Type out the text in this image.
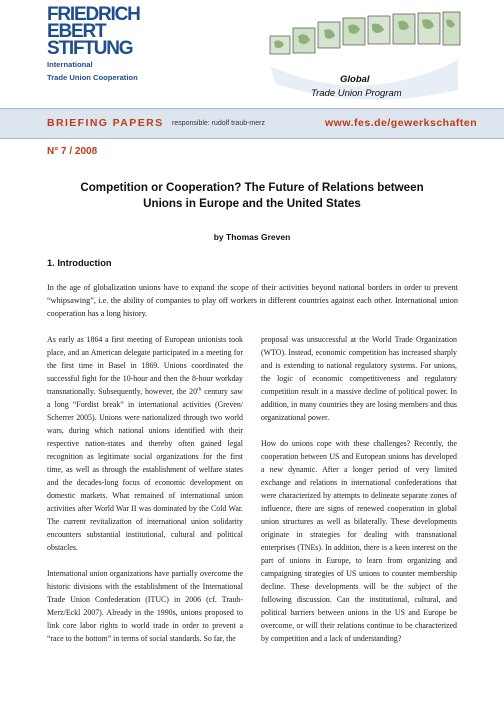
FRIEDRICH
EBERT
STIFTUNG
International
Trade Union Cooperation	Global
Trade Union Program
BRIEFING PAPERS responsible: rudolf traub-merz	www.fes.de/gewerkschaften
N° 7 / 2008
Competition or Cooperation? The Future of Relations between
Unions in Europe and the United States
by Thomas Greven
1. Introduction

In the age of globalization unions have to expand the scope of their activities beyond national borders in order to prevent “whipsawing”, i.e. the ability of companies to play off workers in different countries against each other. International union cooperation has a long history.

As early as 1864 a first meeting of European unionists took place, and an American delegate participated in a meeting for the first time in Basel in 1869. Unions coordinated the successful fight for the 10-hour and then the 8-hour workday transnationally. Subsequently, however, the 20th century saw a long “Fordist break” in international activities (Greven/ Scherrer 2005). Unions were nationalized through two world wars, during which national unions identified with their respective nation-states and thereby often gained legal recognition as legitimate social organizations for the first time, as well as through the establishment of welfare states and the decades-long focus of economic development on domestic markets. What remained of international union activities after World War II was dominated by the Cold War. The current revitalization of international union solidarity encounters substantial institutional, cultural and political obstacles.

International union organizations have partially overcome the historic divisions with the establishment of the International Trade Union Confederation (ITUC) in 2006 (cf. Traub-Merz/Eckl 2007). Already in the 1990s, unions proposed to link core labor rights to world trade in order to prevent a “race to the bottom” in terms of social standards. So far, the

proposal was unsuccessful at the World Trade Organization (WTO). Instead, economic competition has increased sharply and is extending to national regulatory systems. For unions, the logic of economic competitiveness and regulatory competition result in a massive decline of political power. In addition, in many countries they are losing members and thus organizational power.

How do unions cope with these challenges? Recently, the cooperation between US and European unions has developed a new dynamic. After a longer period of very limited exchange and relations in international confederations that were characterized by attempts to delineate separate zones of influence, there are signs of renewed cooperation in global union structures as well as bilaterally. These developments originate in strategies for dealing with transnational enterprises (TNEs). In addition, there is a keen interest on the part of unions in Europe, to learn from organizing and campaigning strategies of US unions to counter membership decline. These developments will be the subject of the following discussion. Can the institutional, cultural, and political barriers between unions in the US and Europe be overcome, or will their relations continue to be characterized by competition and a lack of understanding?
